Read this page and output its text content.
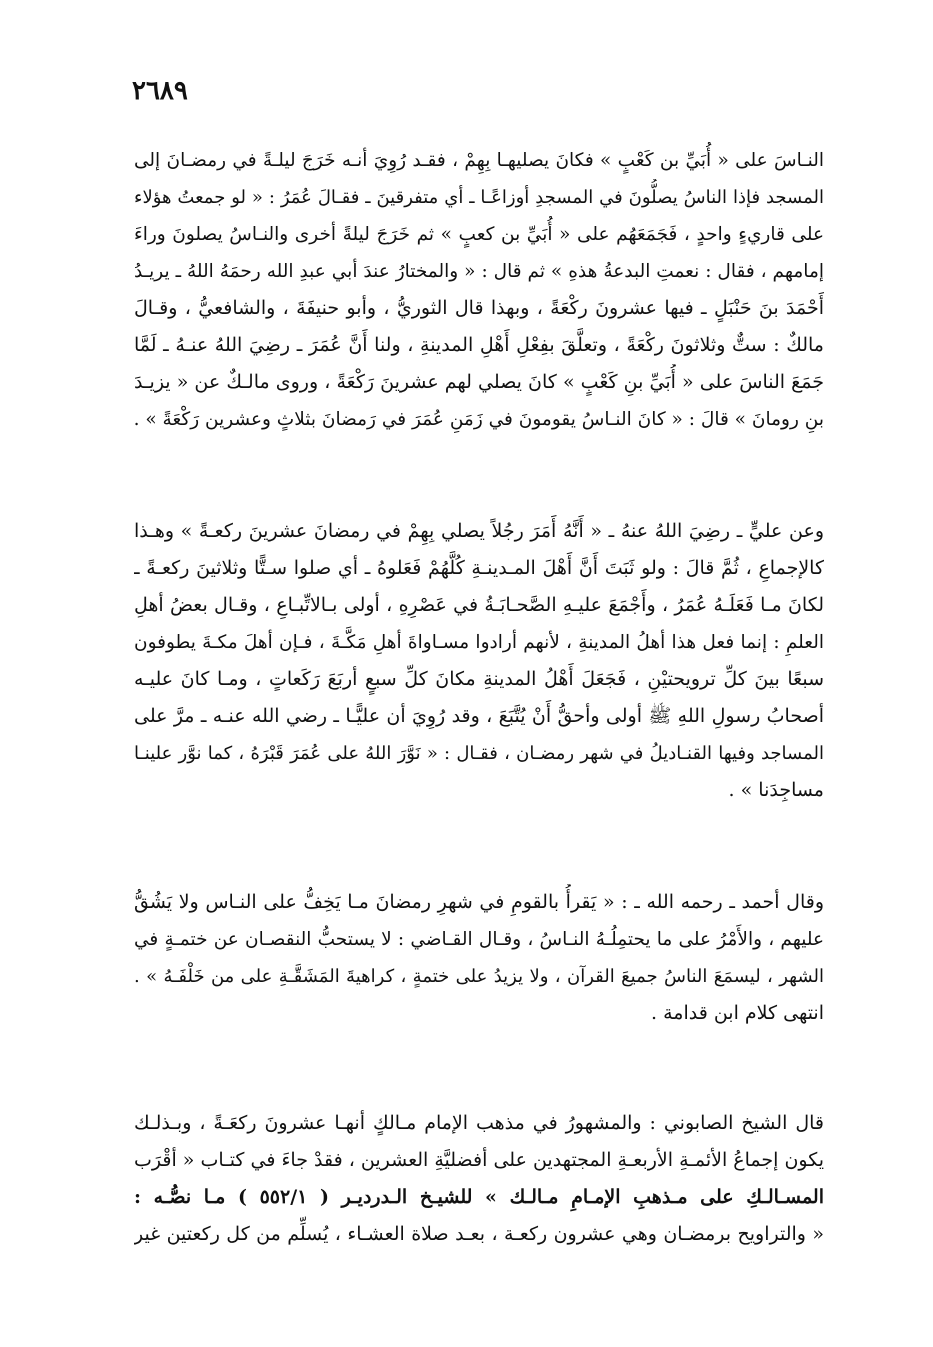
٢٦٨٩
النـاسَ على « أُبَيِّ بن كَعْبٍ » فكانَ يصليهـا بِهِمْ ، فقـد رُوِيَ أنـه خَرَجَ ليلـةً في رمضـانَ إلى
المسجد فإذا الناسُ يصلُّونَ في المسجدِ أوزاعًـا ـ أي متفرقينَ ـ فقـالَ عُمَرُ : « لو جمعتُ هؤلاء
على قاريءٍ واحدٍ ، فَجَمَعَهُم على « أُبَيِّ بن كعبٍ » ثم خَرَجَ ليلةً أخرى والنـاسُ يصلونَ وراءَ
إمامهم ، فقال : نعمتِ البدعةُ هذهِ » ثم قال : « والمختارُ عندَ أبي عبدِ الله رحمَهُ اللهُ ـ يريـدُ
أَحْمَدَ بنَ حَنْبَلٍ ـ فيها عشرونَ ركْعَةً ، وبهذا قال الثوريُّ ، وأبو حنيفَةَ ، والشافعيُّ ، وقـالَ
مالكٌ : ستٌّ وثلاثونَ ركْعَةً ، وتعلَّقَ بفِعْلِ أَهْلِ المدينةِ ، ولنا أَنَّ عُمَرَ ـ رضِيَ اللهُ عنـهُ ـ لَمَّا
جَمَعَ الناسَ على « أُبَيِّ بنِ كَعْبٍ » كانَ يصلي لهم عشرينَ رَكْعَةً ، وروى مالـكٌ عن « يزيـدَ
بنِ رومانَ » قالَ : « كانَ النـاسُ يقومونَ في زَمَنِ عُمَرَ في رَمضانَ بثلاثٍ وعشرين رَكْعَةً » .
وعن عليٍّ ـ رضِيَ اللهُ عنهُ ـ « أَنَّهُ أَمَرَ رجُلاً يصلي بِهِمْ في رمضانَ عشرينَ ركعـةً » وهـذا
كالإجماعِ ، ثُمَّ قالَ : ولو ثَبَتَ أَنَّ أَهْلَ المـدينـةِ كُلَّهُمْ فَعَلوهُ ـ أي صلوا سـتًّا وثلاثينَ ركعـةً ـ
لكانَ مـا فَعَلَـهُ عُمَرُ ، وأَجْمَعَ عليـهِ الصَّحـابَـةُ في عَصْرِهِ ، أولى بـالاتِّبـاعِ ، وقـال بعضُ أهلِ
العلمِ : إنما فعل هذا أهلُ المدينةِ ، لأنهم أرادوا مسـاواةَ أهلِ مَكَّـةَ ، فـإن أهلَ مكـةَ يطوفون
سبعًا بينَ كلِّ ترويحتيْنِ ، فَجَعَلَ أَهْلُ المدينةِ مكانَ كلِّ سبعٍ أربَعَ رَكَعاتٍ ، ومـا كانَ عليـه
أصحابُ رسولِ اللهِ ﷺ أولى وأحقُّ أَنْ يُتَّبَعَ ، وقد رُوِيَ أن عليًّـا ـ رضي الله عنـه ـ مرَّ على
المساجد وفيها القنـاديلُ في شهر رمضـان ، فقـال : « نَوَّرَ اللهُ على عُمَرَ قَبْرَهُ ، كما نوَّر علينـا
مساجِدَنا » .
وقال أحمد ـ رحمه الله ـ : « يَقرأُ بالقومِ في شهرِ رمضانَ مـا يَخِفُّ على النـاس ولا يَشُقُّ
عليهم ، والأَمْرُ على ما يحتمِلُـهُ النـاسُ ، وقـال القـاضي : لا يستحبُّ النقصـان عن ختمـةٍ في
الشهر ، ليسمَعَ الناسُ جميعَ القرآن ، ولا يزيدُ على ختمةٍ ، كراهيةَ المَشَقَّـةِ على من خَلْفَـهُ » .
انتهى كلام ابن قدامة .
قال الشيخ الصابوني : والمشهورُ في مذهب الإمام مـالكٍ أنهـا عشرونَ ركعَـةً ، وبـذلـك
يكون إجماعُ الأئمـةِ الأربعـةِ المجتهدين على أفضليَّةِ العشرين ، فقدْ جاءَ في كتـاب « أقْرَب
المسـالـكِ على مـذهبِ الإمـامِ مـالـك » للشيـخ الـدرديـر ( ٥٥٢/١ ) مـا نصُّـه :
« والتراويح برمضـان وهي عشرون ركعـة ، بعـد صلاة العشـاء ، يُسلِّم من كل ركعتين غير
